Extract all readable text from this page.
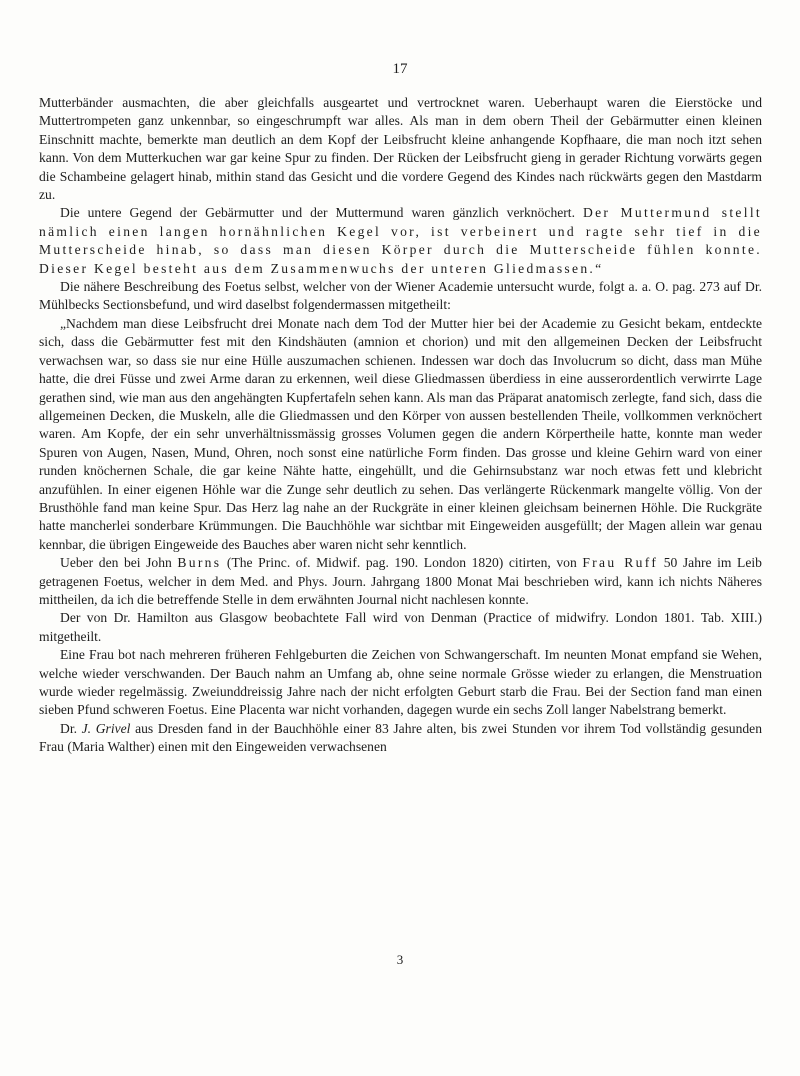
17

Mutterbänder ausmachten, die aber gleichfalls ausgeartet und vertrocknet waren. Ueberhaupt waren die Eierstöcke und Muttertrompeten ganz unkennbar, so eingeschrumpft war alles. Als man in dem obern Theil der Gebärmutter einen kleinen Einschnitt machte, bemerkte man deutlich an dem Kopf der Leibsfrucht kleine anhangende Kopfhaare, die man noch itzt sehen kann. Von dem Mutterkuchen war gar keine Spur zu finden. Der Rücken der Leibsfrucht gieng in gerader Richtung vorwärts gegen die Schambeine gelagert hinab, mithin stand das Gesicht und die vordere Gegend des Kindes nach rückwärts gegen den Mastdarm zu.

Die untere Gegend der Gebärmutter und der Muttermund waren gänzlich verknöchert. Der Muttermund stellt nämlich einen langen hornähnlichen Kegel vor, ist verbeinert und ragte sehr tief in die Mutterscheide hinab, so dass man diesen Körper durch die Mutterscheide fühlen konnte. Dieser Kegel besteht aus dem Zusammenwuchs der unteren Gliedmassen.“

Die nähere Beschreibung des Foetus selbst, welcher von der Wiener Academie untersucht wurde, folgt a. a. O. pag. 273 auf Dr. Mühlbecks Sectionsbefund, und wird daselbst folgendermassen mitgetheilt:

„Nachdem man diese Leibsfrucht drei Monate nach dem Tod der Mutter hier bei der Academie zu Gesicht bekam, entdeckte sich, dass die Gebärmutter fest mit den Kindshäuten (amnion et chorion) und mit den allgemeinen Decken der Leibsfrucht verwachsen war, so dass sie nur eine Hülle auszumachen schienen. Indessen war doch das Involucrum so dicht, dass man Mühe hatte, die drei Füsse und zwei Arme daran zu erkennen, weil diese Gliedmassen überdiess in eine ausserordentlich verwirrte Lage gerathen sind, wie man aus den angehängten Kupfertafeln sehen kann. Als man das Präparat anatomisch zerlegte, fand sich, dass die allgemeinen Decken, die Muskeln, alle die Gliedmassen und den Körper von aussen bestellenden Theile, vollkommen verknöchert waren. Am Kopfe, der ein sehr unverhältnissmässig grosses Volumen gegen die andern Körpertheile hatte, konnte man weder Spuren von Augen, Nasen, Mund, Ohren, noch sonst eine natürliche Form finden. Das grosse und kleine Gehirn ward von einer runden knöchernen Schale, die gar keine Nähte hatte, eingehüllt, und die Gehirnsubstanz war noch etwas fett und klebricht anzufühlen. In einer eigenen Höhle war die Zunge sehr deutlich zu sehen. Das verlängerte Rückenmark mangelte völlig. Von der Brusthöhle fand man keine Spur. Das Herz lag nahe an der Ruckgräte in einer kleinen gleichsam beinernen Höhle. Die Ruckgräte hatte mancherlei sonderbare Krümmungen. Die Bauchhöhle war sichtbar mit Eingeweiden ausgefüllt; der Magen allein war genau kennbar, die übrigen Eingeweide des Bauches aber waren nicht sehr kenntlich.

Ueber den bei John Burns (The Princ. of. Midwif. pag. 190. London 1820) citirten, von Frau Ruff 50 Jahre im Leib getragenen Foetus, welcher in dem Med. and Phys. Journ. Jahrgang 1800 Monat Mai beschrieben wird, kann ich nichts Näheres mittheilen, da ich die betreffende Stelle in dem erwähnten Journal nicht nachlesen konnte.

Der von Dr. Hamilton aus Glasgow beobachtete Fall wird von Denman (Practice of midwifry. London 1801. Tab. XIII.) mitgetheilt.

Eine Frau bot nach mehreren früheren Fehlgeburten die Zeichen von Schwangerschaft. Im neunten Monat empfand sie Wehen, welche wieder verschwanden. Der Bauch nahm an Umfang ab, ohne seine normale Grösse wieder zu erlangen, die Menstruation wurde wieder regelmässig. Zweiunddreissig Jahre nach der nicht erfolgten Geburt starb die Frau. Bei der Section fand man einen sieben Pfund schweren Foetus. Eine Placenta war nicht vorhanden, dagegen wurde ein sechs Zoll langer Nabelstrang bemerkt.

Dr. J. Grivel aus Dresden fand in der Bauchhöhle einer 83 Jahre alten, bis zwei Stunden vor ihrem Tod vollständig gesunden Frau (Maria Walther) einen mit den Eingeweiden verwachsenen

3
